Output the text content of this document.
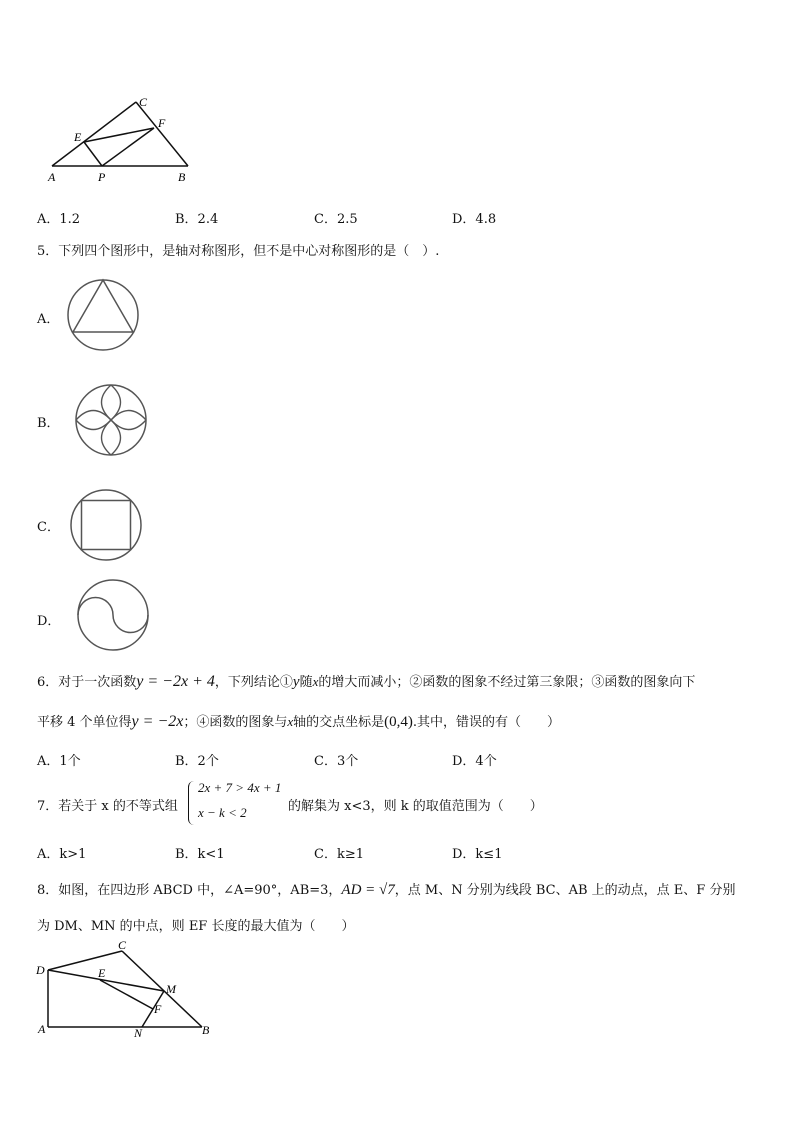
C
E
F
A	P	B
A．1.2	B．2.4	C．2.5	D．4.8
5．下列四个图形中，是轴对称图形，但不是中心对称图形的是（　）.
A．
B．
C．
D．
6．对于一次函数y = −2x + 4，下列结论①y随x的增大而减小；②函数的图象不经过第三象限；③函数的图象向下
平移 4 个单位得y = −2x；④函数的图象与x轴的交点坐标是(0,4).其中，错误的有（　　）
A．1个	B．2个	C．3个	D．4个
7．若关于 x 的不等式组
2x + 7 > 4x + 1
x − k < 2	的解集为 x<3，则 k 的取值范围为（　　）
A．k>1	B．k<1	C．k≥1	D．k≤1
8．如图，在四边形 ABCD 中，∠A=90°，AB=3，AD = √7，点 M、N 分别为线段 BC、AB 上的动点，点 E、F 分别
为 DM、MN 的中点，则 EF 长度的最大值为（　　）
C
D	E
M
F
A	N	B
